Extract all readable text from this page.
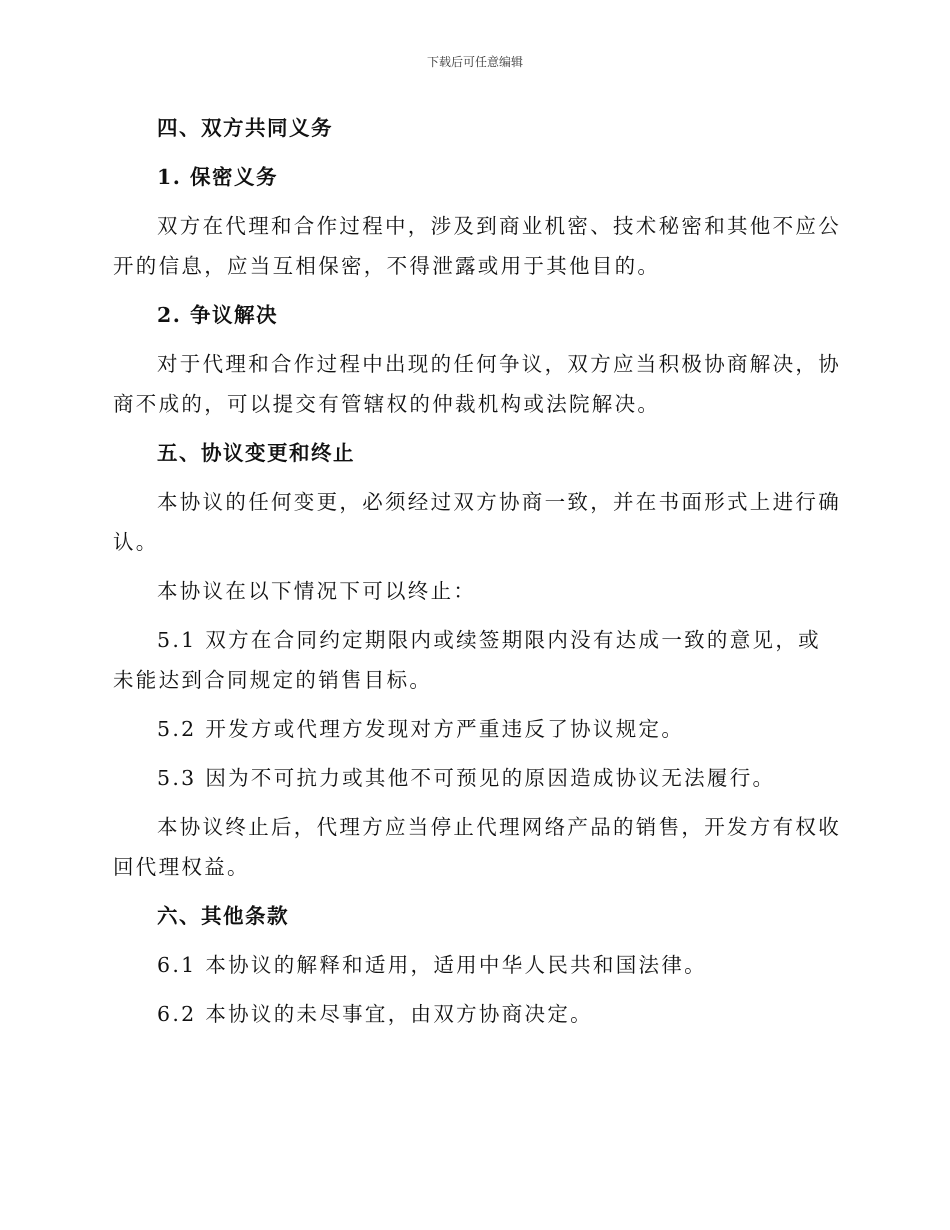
下载后可任意编辑
四、双方共同义务
1. 保密义务
双方在代理和合作过程中，涉及到商业机密、技术秘密和其他不应公开的信息，应当互相保密，不得泄露或用于其他目的。
2. 争议解决
对于代理和合作过程中出现的任何争议，双方应当积极协商解决，协商不成的，可以提交有管辖权的仲裁机构或法院解决。
五、协议变更和终止
本协议的任何变更，必须经过双方协商一致，并在书面形式上进行确认。
本协议在以下情况下可以终止：
5.1 双方在合同约定期限内或续签期限内没有达成一致的意见，或未能达到合同规定的销售目标。
5.2 开发方或代理方发现对方严重违反了协议规定。
5.3 因为不可抗力或其他不可预见的原因造成协议无法履行。
本协议终止后，代理方应当停止代理网络产品的销售，开发方有权收回代理权益。
六、其他条款
6.1 本协议的解释和适用，适用中华人民共和国法律。
6.2 本协议的未尽事宜，由双方协商决定。
